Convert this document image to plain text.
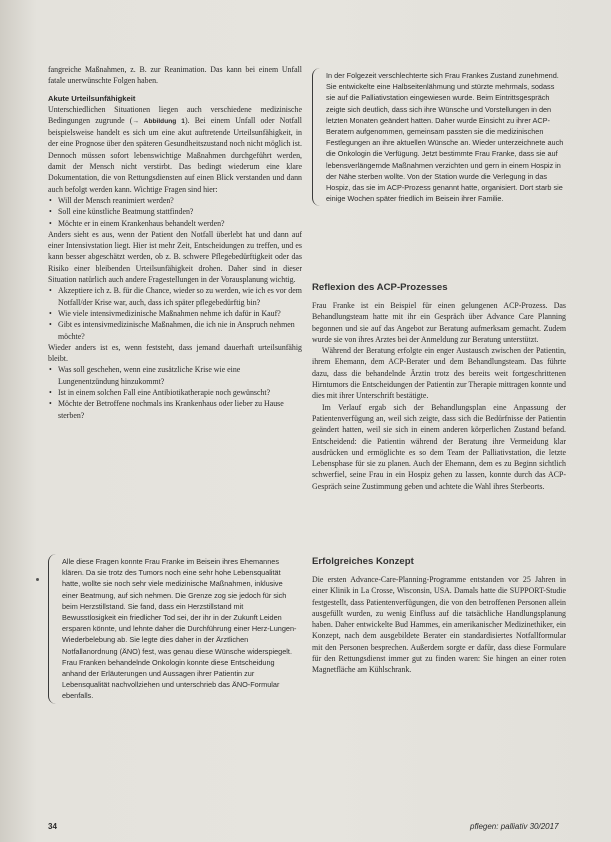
fangreiche Maßnahmen, z. B. zur Reanimation. Das kann bei einem Unfall fatale unerwünschte Folgen haben.

Akute Urteilsunfähigkeit

Unterschiedlichen Situationen liegen auch verschiedene medizinische Bedingungen zugrunde (→ Abbildung 1). Bei einem Unfall oder Notfall beispielsweise handelt es sich um eine akut auftretende Urteilsunfähigkeit, in der eine Prognose über den späteren Gesundheitszustand noch nicht möglich ist. Dennoch müssen sofort lebenswichtige Maßnahmen durchgeführt werden, damit der Mensch nicht verstirbt. Das bedingt wiederum eine klare Dokumentation, die von Rettungsdiensten auf einen Blick verstanden und dann auch befolgt werden kann. Wichtige Fragen sind hier:

• Will der Mensch reanimiert werden?
• Soll eine künstliche Beatmung stattfinden?
• Möchte er in einem Krankenhaus behandelt werden?

Anders sieht es aus, wenn der Patient den Notfall überlebt hat und dann auf einer Intensivstation liegt. Hier ist mehr Zeit, Entscheidungen zu treffen, und es kann besser abgeschätzt werden, ob z. B. schwere Pflegebedürftigkeit oder das Risiko einer bleibenden Urteilsunfähigkeit drohen. Daher sind in dieser Situation natürlich auch andere Fragestellungen in der Vorausplanung wichtig.

• Akzeptiere ich z. B. für die Chance, wieder so zu werden, wie ich es vor dem Notfall/der Krise war, auch, dass ich später pflegebedürftig bin?
• Wie viele intensivmedizinische Maßnahmen nehme ich dafür in Kauf?
• Gibt es intensivmedizinische Maßnahmen, die ich nie in Anspruch nehmen möchte?

Wieder anders ist es, wenn feststeht, dass jemand dauerhaft urteilsunfähig bleibt.

• Was soll geschehen, wenn eine zusätzliche Krise wie eine Lungenentzündung hinzukommt?
• Ist in einem solchen Fall eine Antibiotikatherapie noch gewünscht?
• Möchte der Betroffene nochmals ins Krankenhaus oder lieber zu Hause sterben?

Alle diese Fragen konnte Frau Franke im Beisein ihres Ehemannes klären. Da sie trotz des Tumors noch eine sehr hohe Lebensqualität hatte, wollte sie noch sehr viele medizinische Maßnahmen, inklusive einer Beatmung, auf sich nehmen. Die Grenze zog sie jedoch für sich beim Herzstillstand. Sie fand, dass ein Herzstillstand mit Bewusstlosigkeit ein friedlicher Tod sei, der ihr in der Zukunft Leiden ersparen könnte, und lehnte daher die Durchführung einer Herz-Lungen-Wiederbelebung ab. Sie legte dies daher in der Ärztlichen Notfallanordnung (ÄNO) fest, was genau diese Wünsche widerspiegelt. Frau Franken behandelnde Onkologin konnte diese Entscheidung anhand der Erläuterungen und Aussagen ihrer Patientin zur Lebensqualität nachvollziehen und unterschrieb das ÄNO-Formular ebenfalls.

In der Folgezeit verschlechterte sich Frau Frankes Zustand zunehmend. Sie entwickelte eine Halbseitenlähmung und stürzte mehrmals, sodass sie auf die Palliativstation eingewiesen wurde. Beim Eintrittsgespräch zeigte sich deutlich, dass sich ihre Wünsche und Vorstellungen in den letzten Monaten geändert hatten. Daher wurde Einsicht zu ihrer ACP-Beratern aufgenommen, gemeinsam passten sie die medizinischen Festlegungen an ihre aktuellen Wünsche an. Wieder unterzeichnete auch die Onkologin die Verfügung. Jetzt bestimmte Frau Franke, dass sie auf lebensverlängernde Maßnahmen verzichten und gern in einem Hospiz in der Nähe sterben wollte. Von der Station wurde die Verlegung in das Hospiz, das sie im ACP-Prozess genannt hatte, organisiert. Dort starb sie einige Wochen später friedlich im Beisein ihrer Familie.

Reflexion des ACP-Prozesses

Frau Franke ist ein Beispiel für einen gelungenen ACP-Prozess. Das Behandlungsteam hatte mit ihr ein Gespräch über Advance Care Planning begonnen und sie auf das Angebot zur Beratung aufmerksam gemacht. Zudem wurde sie von ihres Arztes bei der Anmeldung zur Beratung unterstützt.

Während der Beratung erfolgte ein enger Austausch zwischen der Patientin, ihrem Ehemann, dem ACP-Berater und dem Behandlungsteam. Das führte dazu, dass die behandelnde Ärztin trotz des bereits weit fortgeschrittenen Hirntumors die Entscheidungen der Patientin zur Therapie mittragen konnte und dies mit ihrer Unterschrift bestätigte.

Im Verlauf ergab sich der Behandlungsplan eine Anpassung der Patientenverfügung an, weil sich zeigte, dass sich die Bedürfnisse der Patientin geändert hatten, weil sie sich in einem anderen körperlichen Zustand befand. Entscheidend: die Patientin während der Beratung ihre Vermeidung klar ausdrücken und ermöglichte es so dem Team der Palliativstation, die letzte Lebensphase für sie zu planen. Auch der Ehemann, dem es zu Beginn sichtlich schwerfiel, seine Frau in ein Hospiz gehen zu lassen, konnte durch das ACP-Gespräch seine Zustimmung geben und achtete die Wahl ihres Sterbeorts.

Erfolgreiches Konzept

Die ersten Advance-Care-Planning-Programme entstanden vor 25 Jahren in einer Klinik in La Crosse, Wisconsin, USA. Damals hatte die SUPPORT-Studie festgestellt, dass Patientenverfügungen, die von den betroffenen Personen allein ausgefüllt wurden, zu wenig Einfluss auf die tatsächliche Handlungsplanung haben. Daher entwickelte Bud Hammes, ein amerikanischer Medizinethiker, ein Konzept, nach dem ausgebildete Berater ein standardisiertes Notfallformular mit den Personen besprechen. Außerdem sorgte er dafür, dass diese Formulare für den Rettungsdienst immer gut zu finden waren: Sie hingen an einer roten Magnetfläche am Kühlschrank.

34	pflegen: palliativ 30/2017
